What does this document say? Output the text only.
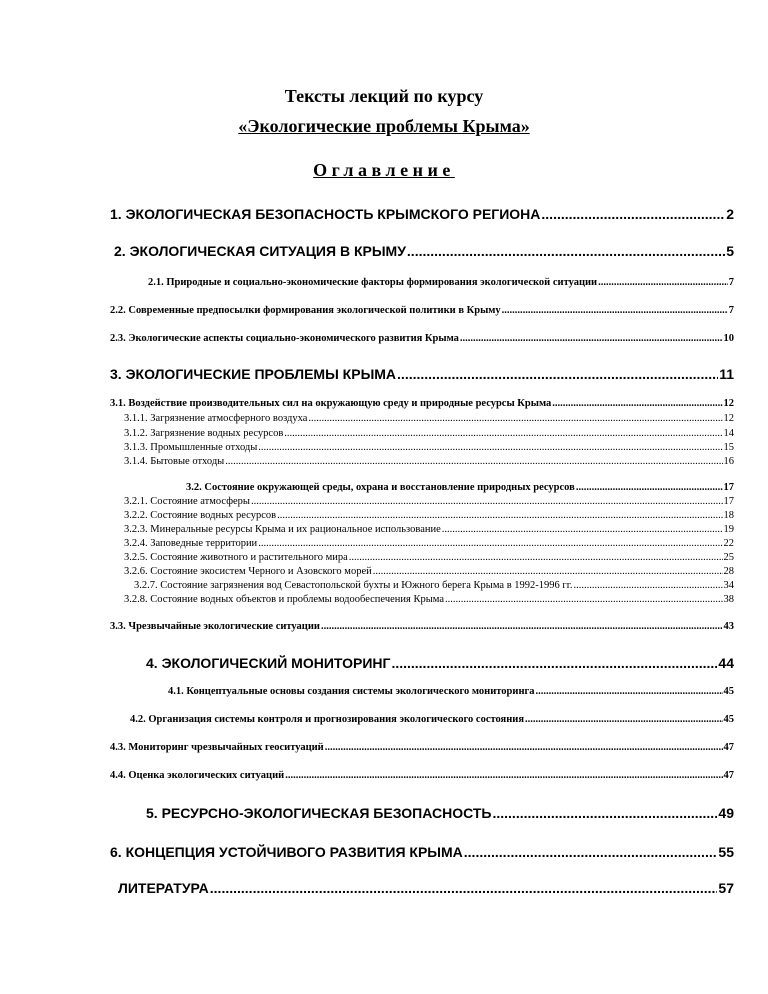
Тексты лекций по курсу
«Экологические проблемы Крыма»
Оглавление
1. ЭКОЛОГИЧЕСКАЯ БЕЗОПАСНОСТЬ КРЫМСКОГО РЕГИОНА .....	2
2. ЭКОЛОГИЧЕСКАЯ СИТУАЦИЯ В КРЫМУ .....	5
2.1. Природные и социально-экономические факторы формирования экологической ситуации .....	7
2.2. Современные предпосылки формирования экологической политики в Крыму .....	7
2.3. Экологические аспекты социально-экономического развития Крыма .....	10
3. ЭКОЛОГИЧЕСКИЕ ПРОБЛЕМЫ КРЫМА .....	11
3.1. Воздействие производительных сил на окружающую среду и природные ресурсы Крыма .....	12
3.1.1. Загрязнение атмосферного воздуха .....	12
3.1.2. Загрязнение водных ресурсов .....	14
3.1.3. Промышленные отходы .....	15
3.1.4. Бытовые отходы .....	16
3.2. Состояние окружающей среды, охрана и восстановление природных ресурсов .....	17
3.2.1. Состояние атмосферы .....	17
3.2.2. Состояние водных ресурсов .....	18
3.2.3. Минеральные ресурсы Крыма и их рациональное использование .....	19
3.2.4. Заповедные территории .....	22
3.2.5. Состояние животного и растительного мира .....	25
3.2.6. Состояние экосистем Черного и Азовского морей .....	28
3.2.7. Состояние загрязнения вод Севастопольской бухты и Южного берега Крыма в 1992-1996 гг. .....	34
3.2.8. Состояние водных объектов и проблемы водообеспечения Крыма .....	38
3.3. Чрезвычайные экологические ситуации .....	43
4. ЭКОЛОГИЧЕСКИЙ МОНИТОРИНГ .....	44
4.1. Концептуальные основы создания системы экологического мониторинга .....	45
4.2. Организация системы контроля и прогнозирования экологического состояния .....	45
4.3. Мониторинг чрезвычайных геоситуаций .....	47
4.4. Оценка экологических ситуаций .....	47
5. РЕСУРСНО-ЭКОЛОГИЧЕСКАЯ БЕЗОПАСНОСТЬ .....	49
6. КОНЦЕПЦИЯ УСТОЙЧИВОГО РАЗВИТИЯ КРЫМА .....	55
ЛИТЕРАТУРА .....	57
